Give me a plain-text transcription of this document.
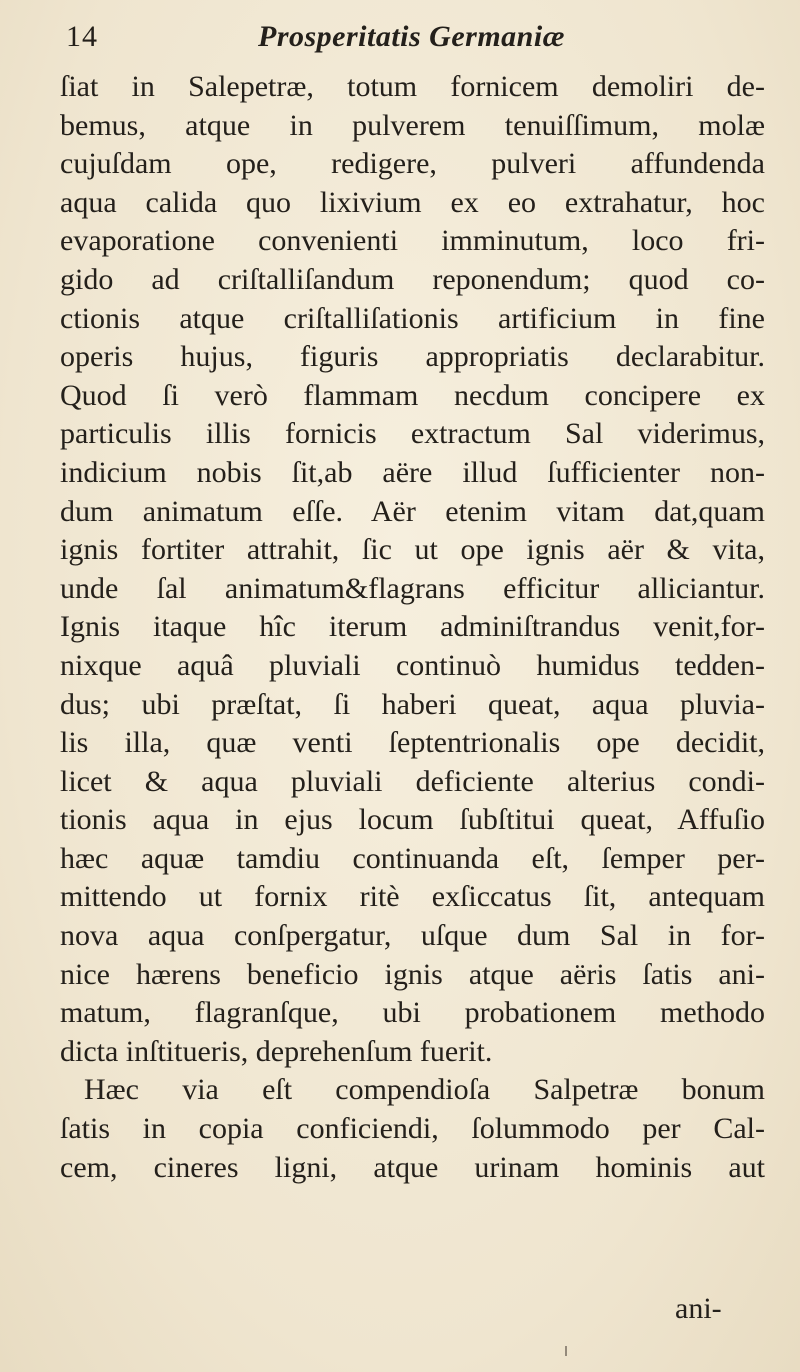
14	Prosperitatis Germaniæ
ſiat in Salepetræ, totum fornicem demoliri de-
bemus, atque in pulverem tenuiſſimum, molæ
cujuſdam ope, redigere, pulveri affundenda
aqua calida quo lixivium ex eo extrahatur, hoc
evaporatione convenienti imminutum, loco fri-
gido ad criſtalliſandum reponendum; quod co-
ctionis atque criſtalliſationis artificium in fine
operis hujus, figuris appropriatis declarabitur.
Quod ſi verò flammam necdum concipere ex
particulis illis fornicis extractum Sal viderimus,
indicium nobis ſit,ab aëre illud ſufficienter non-
dum animatum eſſe. Aër etenim vitam dat,quam
ignis fortiter attrahit, ſic ut ope ignis aër & vita,
unde ſal animatum&flagrans efficitur alliciantur.
Ignis itaque hîc iterum adminiſtrandus venit,for-
nixque aquâ pluviali continuò humidus tedden-
dus; ubi præſtat, ſi haberi queat, aqua pluvia-
lis illa, quæ venti ſeptentrionalis ope decidit,
licet & aqua pluviali deficiente alterius condi-
tionis aqua in ejus locum ſubſtitui queat, Affuſio
hæc aquæ tamdiu continuanda eſt, ſemper per-
mittendo ut fornix ritè exſiccatus ſit, antequam
nova aqua conſpergatur, uſque dum Sal in for-
nice hærens beneficio ignis atque aëris ſatis ani-
matum, flagranſque, ubi probationem methodo
dicta inſtitueris, deprehenſum fuerit.
Hæc via eſt compendioſa Salpetræ bonum
ſatis in copia conficiendi, ſolummodo per Cal-
cem, cineres ligni, atque urinam hominis aut
ani-
